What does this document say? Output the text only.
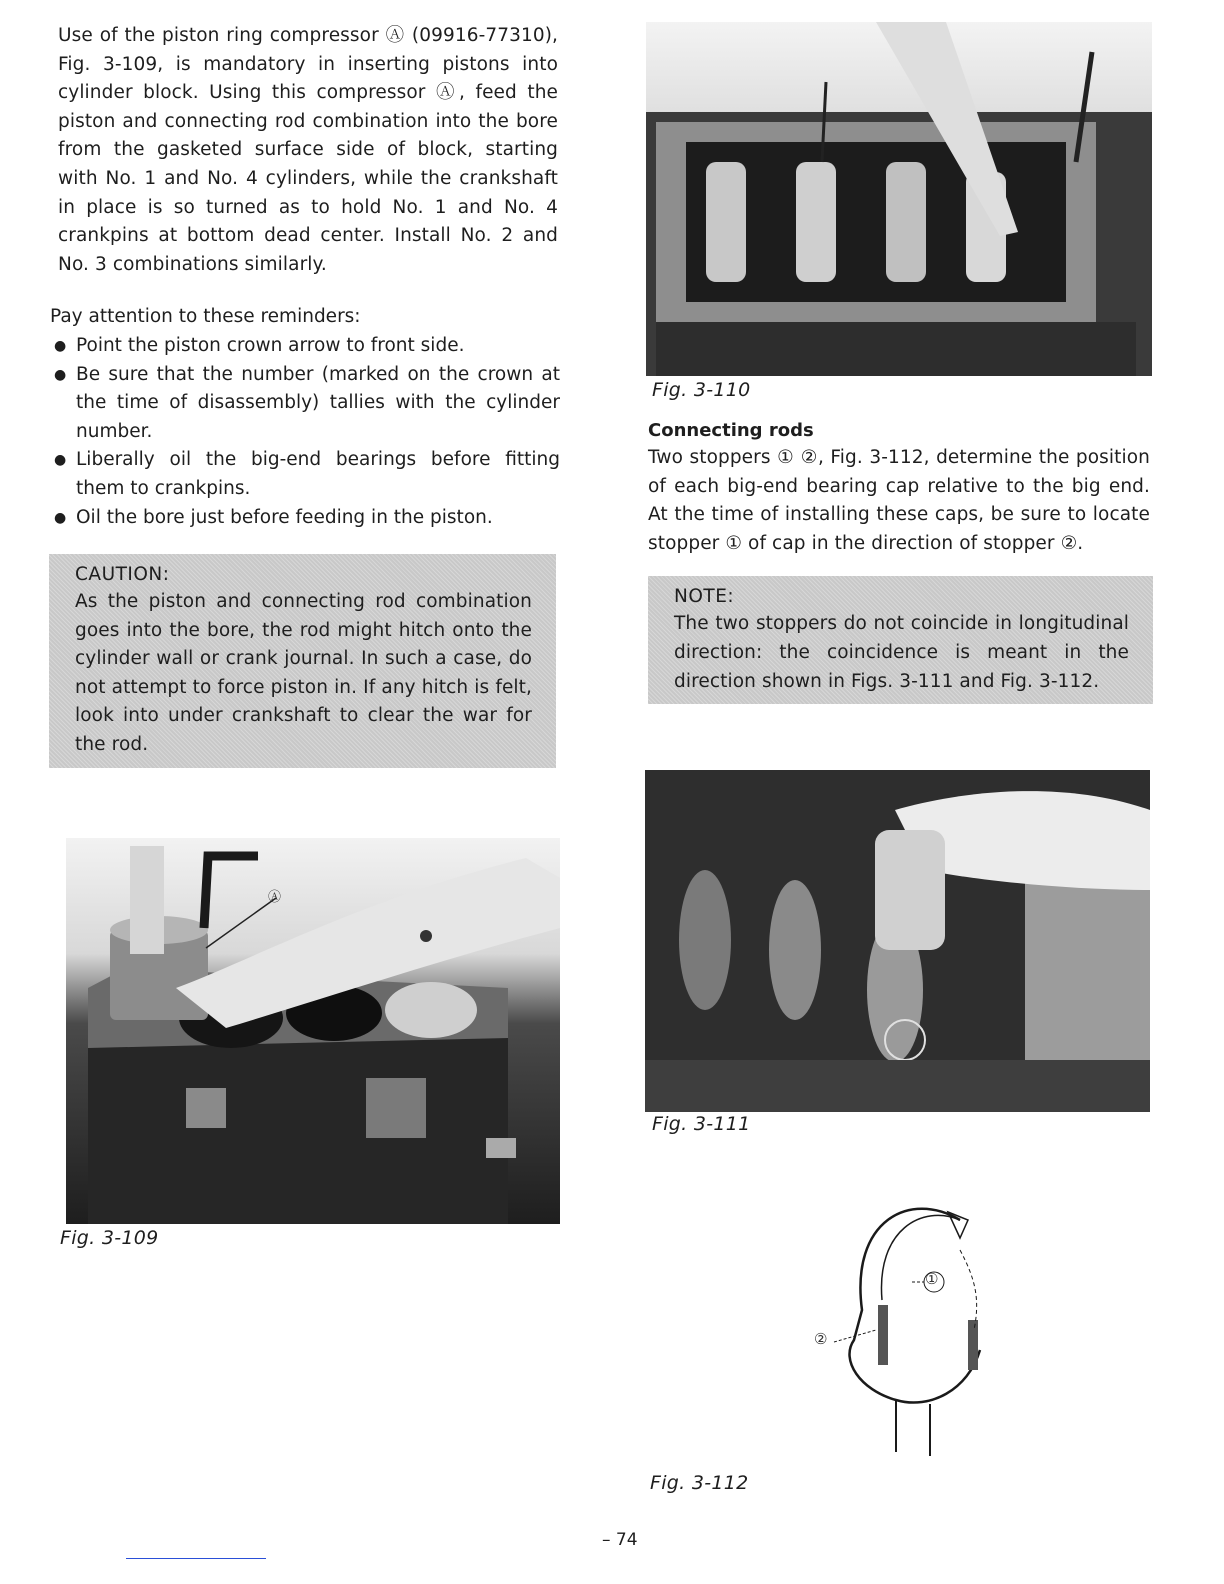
Use of the piston ring compressor Ⓐ (09916-77310), Fig. 3-109, is mandatory in inserting pistons into cylinder block. Using this compressor Ⓐ, feed the piston and connecting rod combination into the bore from the gasketed surface side of block, starting with No. 1 and No. 4 cylinders, while the crankshaft in place is so turned as to hold No. 1 and No. 4 crankpins at bottom dead center. Install No. 2 and No. 3 combinations similarly.

Pay attention to these reminders:
● Point the piston crown arrow to front side.
● Be sure that the number (marked on the crown at the time of disassembly) tallies with the cylinder number.
● Liberally oil the big-end bearings before fitting them to crankpins.
● Oil the bore just before feeding in the piston.
CAUTION:

As the piston and connecting rod combination goes into the bore, the rod might hitch onto the cylinder wall or crank journal. In such a case, do not attempt to force piston in. If any hitch is felt, look into under crankshaft to clear the war for the rod.

Ⓐ
Fig. 3-109
Fig. 3-110
Connecting rods

Two stoppers ① ②, Fig. 3-112, determine the position of each big-end bearing cap relative to the big end. At the time of installing these caps, be sure to locate stopper ① of cap in the direction of stopper ②.

NOTE:

The two stoppers do not coincide in longitudinal direction: the coincidence is meant in the direction shown in Figs. 3-111 and Fig. 3-112.

Fig. 3-111
①
②
Fig. 3-112
– 74
